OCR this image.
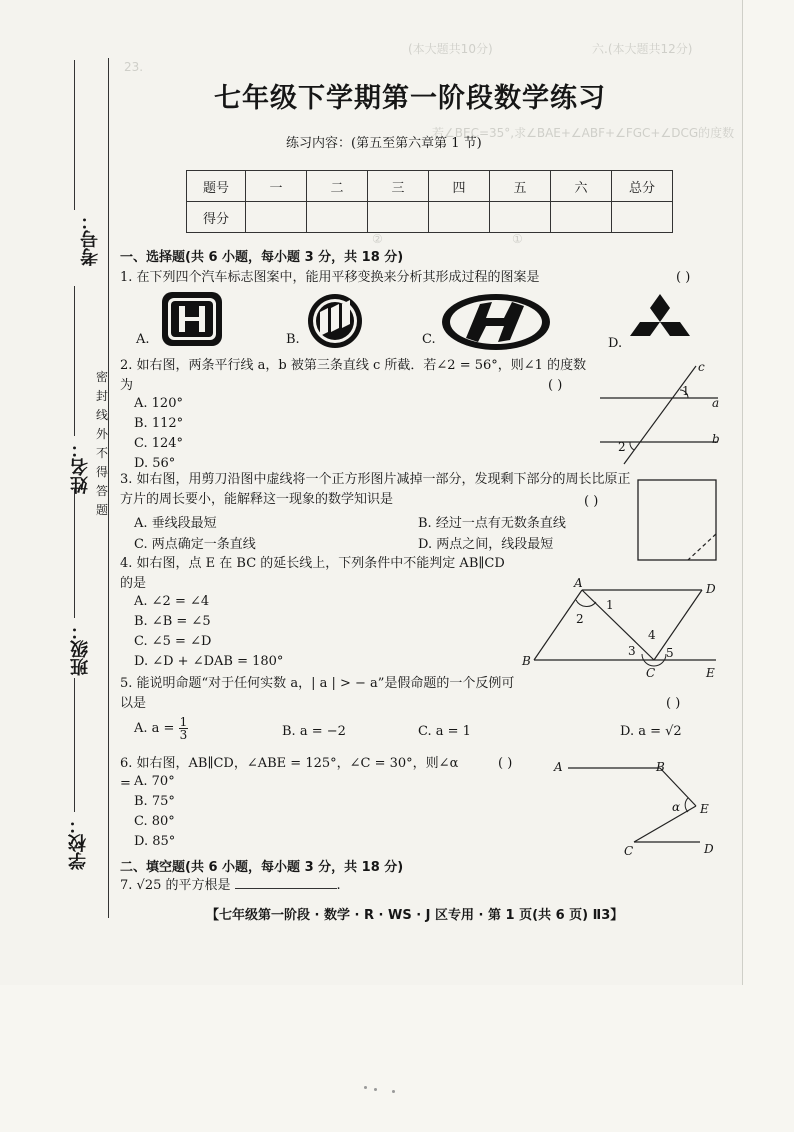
六.(本大题共12分)
23.
(本大题共10分)
若∠BEC=35°,求∠BAE+∠ABF+∠FGC+∠DCG的度数
②	①
考号：
姓名：
班级：
学校：
密
封
线
外
不
得
答
题
七年级下学期第一阶段数学练习
练习内容：(第五至第六章第 1 节)
题号	一	二	三	四	五	六	总分
得分							
一、选择题(共 6 小题，每小题 3 分，共 18 分)
1. 在下列四个汽车标志图案中，能用平移变换来分析其形成过程的图案是	( )
A.	B.	C.	D.
2. 如右图，两条平行线 a，b 被第三条直线 c 所截．若∠2 = 56°，则∠1 的度数为	( )
A. 120°
B. 112°
C. 124°
D. 56°
c
a
b
1
2
3. 如右图，用剪刀沿图中虚线将一个正方形图片减掉一部分，发现剩下部分的周长比原正方片的周长要小，能解释这一现象的数学知识是	( )
A. 垂线段最短	B. 经过一点有无数条直线
C. 两点确定一条直线	D. 两点之间，线段最短
4. 如右图，点 E 在 BC 的延长线上，下列条件中不能判定 AB∥CD 的是
A. ∠2 = ∠4
B. ∠B = ∠5
C. ∠5 = ∠D
D. ∠D + ∠DAB = 180°
A	D
B
C	E
1
2
3
4
5
5. 能说明命题“对于任何实数 a，| a | > − a”是假命题的一个反例可以是	( )
A. $a = \frac{1}{3}$	B. a = −2	C. a = 1	D. a = √2
6. 如右图，AB∥CD，∠ABE = 125°，∠C = 30°，则∠α =
( )
A. 70°
B. 75°
C. 80°
D. 85°
A	B
E
α
C	D
二、填空题(共 6 小题，每小题 3 分，共 18 分)
7. √25 的平方根是	.
【七年级第一阶段 · 数学 · R · WS · J 区专用 · 第 1 页(共 6 页) Ⅱ3】
